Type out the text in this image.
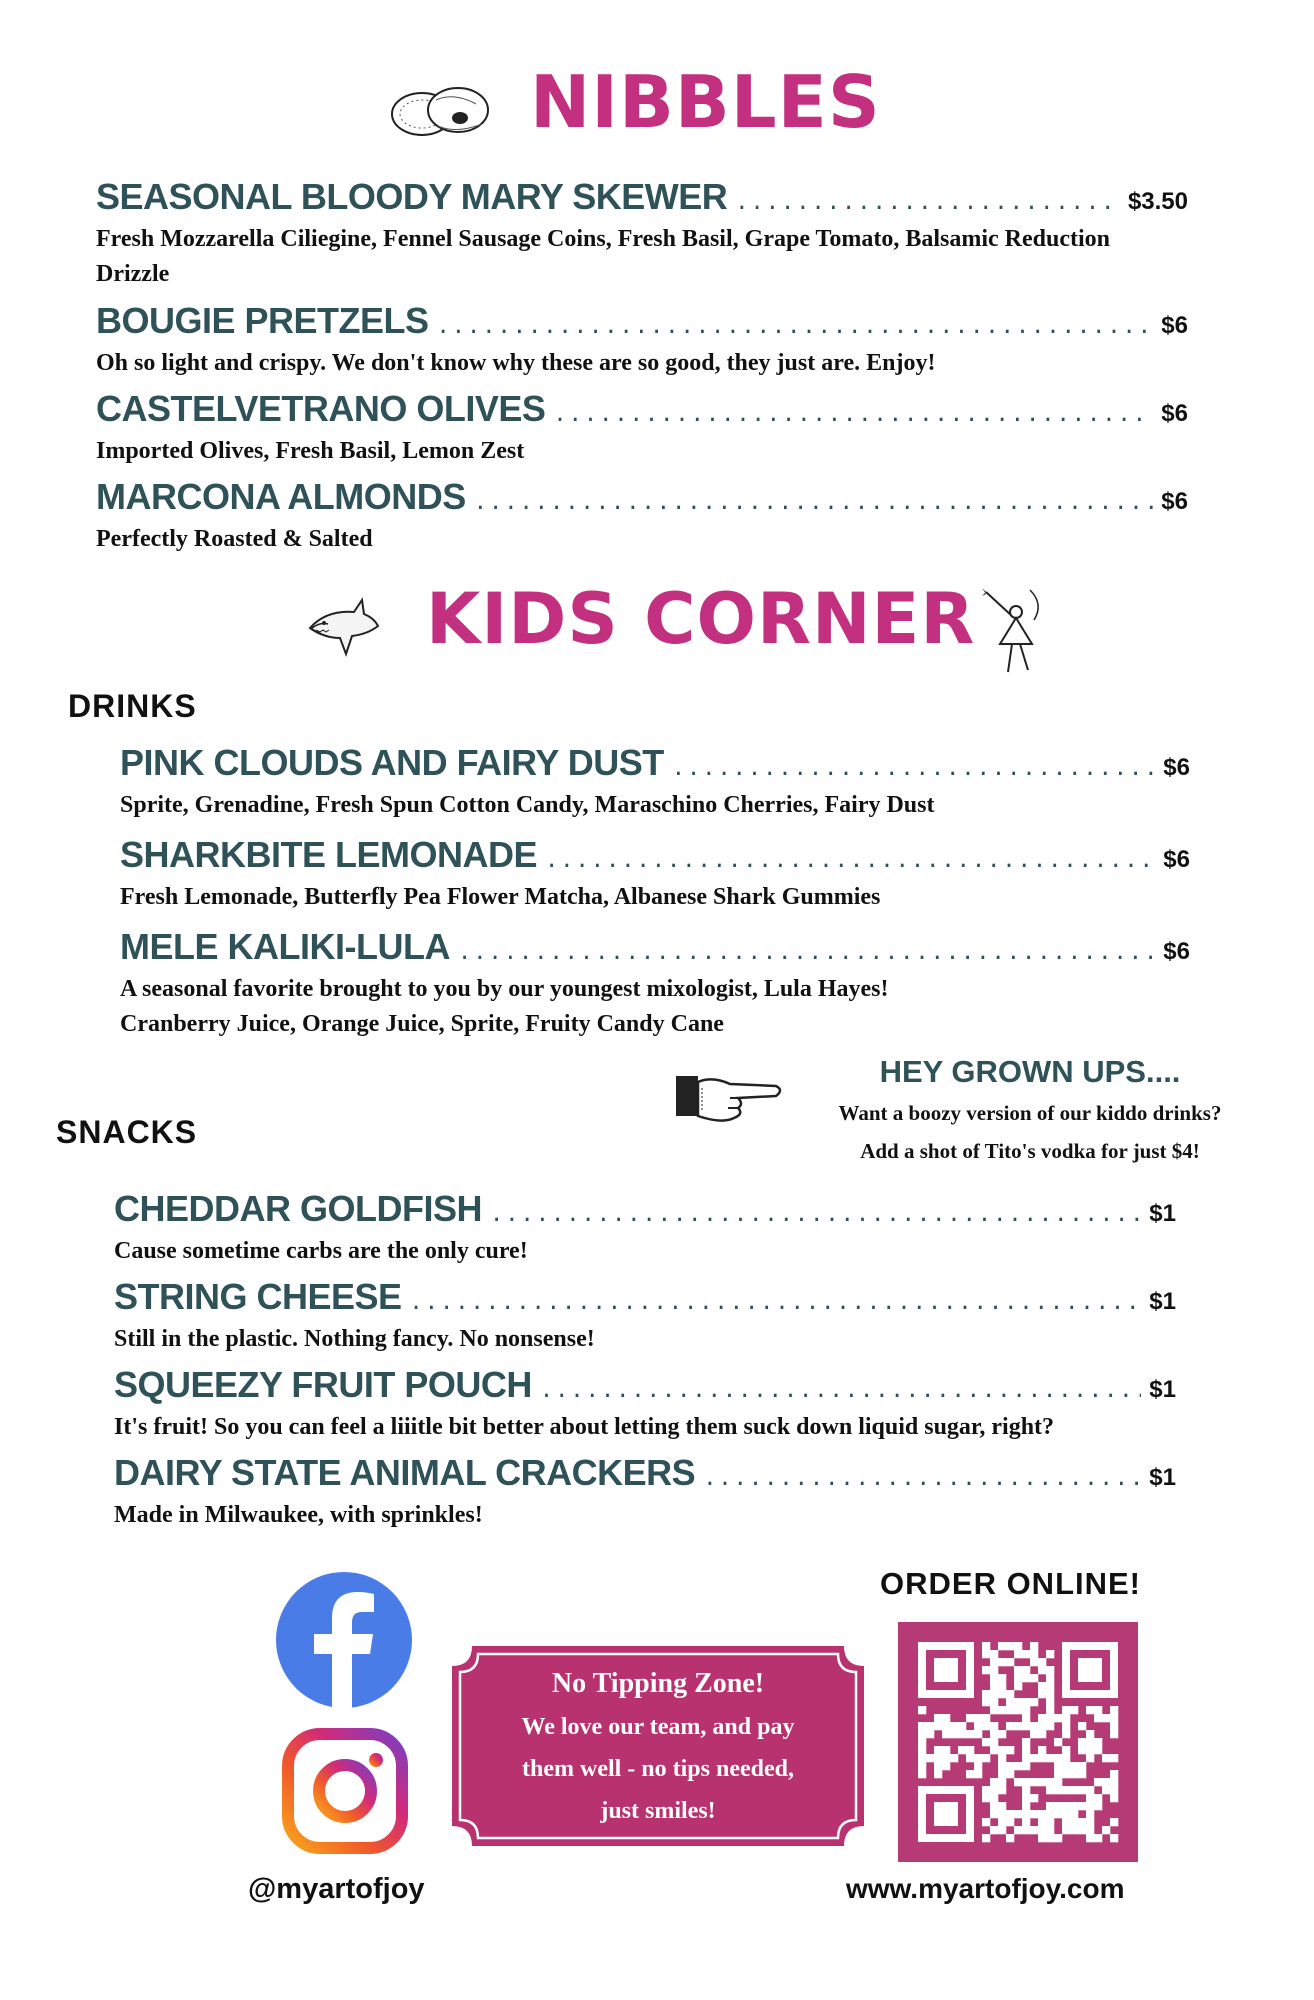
NIBBLES
SEASONAL BLOODY MARY SKEWER .....	$3.50
Fresh Mozzarella Ciliegine, Fennel Sausage Coins, Fresh Basil, Grape Tomato, Balsamic Reduction Drizzle
BOUGIE PRETZELS .....	$6
Oh so light and crispy. We don't know why these are so good, they just are. Enjoy!
CASTELVETRANO OLIVES .....	$6
Imported Olives, Fresh Basil, Lemon Zest
MARCONA ALMONDS .....	$6
Perfectly Roasted & Salted
KIDS CORNER
DRINKS
PINK CLOUDS AND FAIRY DUST .....	$6
Sprite, Grenadine, Fresh Spun Cotton Candy, Maraschino Cherries, Fairy Dust
SHARKBITE LEMONADE .....	$6
Fresh Lemonade, Butterfly Pea Flower Matcha, Albanese Shark Gummies
MELE KALIKI-LULA .....	$6
A seasonal favorite brought to you by our youngest mixologist, Lula Hayes!
Cranberry Juice, Orange Juice, Sprite, Fruity Candy Cane
HEY GROWN UPS....
Want a boozy version of our kiddo drinks?
Add a shot of Tito's vodka for just $4!
SNACKS
CHEDDAR GOLDFISH .....	$1
Cause sometime carbs are the only cure!
STRING CHEESE .....	$1
Still in the plastic. Nothing fancy. No nonsense!
SQUEEZY FRUIT POUCH .....	$1
It's fruit! So you can feel a liiitle bit better about letting them suck down liquid sugar, right?
DAIRY STATE ANIMAL CRACKERS .....	$1
Made in Milwaukee, with sprinkles!
@myartofjoy
No Tipping Zone!
We love our team, and pay
them well - no tips needed,
just smiles!
ORDER ONLINE!
www.myartofjoy.com
